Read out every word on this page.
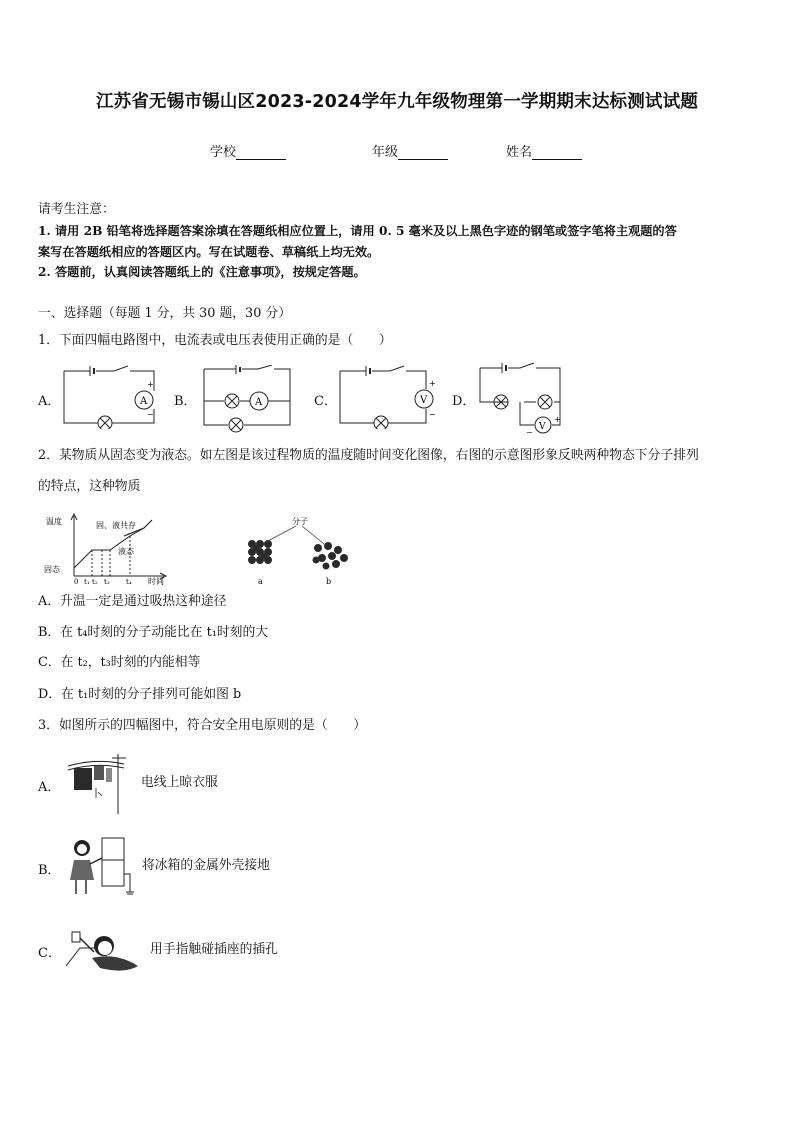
江苏省无锡市锡山区2023-2024学年九年级物理第一学期期末达标测试试题
学校	年级	姓名
请考生注意：
1. 请用 2B 铅笔将选择题答案涂填在答题纸相应位置上，请用 0. 5 毫米及以上黑色字迹的钢笔或签字笔将主观题的答
案写在答题纸相应的答题区内。写在试题卷、草稿纸上均无效。
2. 答题前，认真阅读答题纸上的《注意事项》，按规定答题。
一、选择题（每题 1 分，共 30 题，30 分）
1．下面四幅电路图中，电流表或电压表使用正确的是（　　）
A．	B．	C．	D．
A
+
−
A	V
+
−
V
−
+
2．某物质从固态变为液态。如左图是该过程物质的温度随时间变化图像，右图的示意图形象反映两种物态下分子排列
的特点，这种物质
温度
固态
固、液共存
液态
时间
0 t₁ t₂ t₃ t₄
分子
a	b
A．升温一定是通过吸热这种途径
B．在 t₄时刻的分子动能比在 t₁时刻的大
C．在 t₂，t₃时刻的内能相等
D．在 t₁时刻的分子排列可能如图 b
3．如图所示的四幅图中，符合安全用电原则的是（　　）
A．	电线上晾衣服
B．	将冰箱的金属外壳接地
C．	用手指触碰插座的插孔
